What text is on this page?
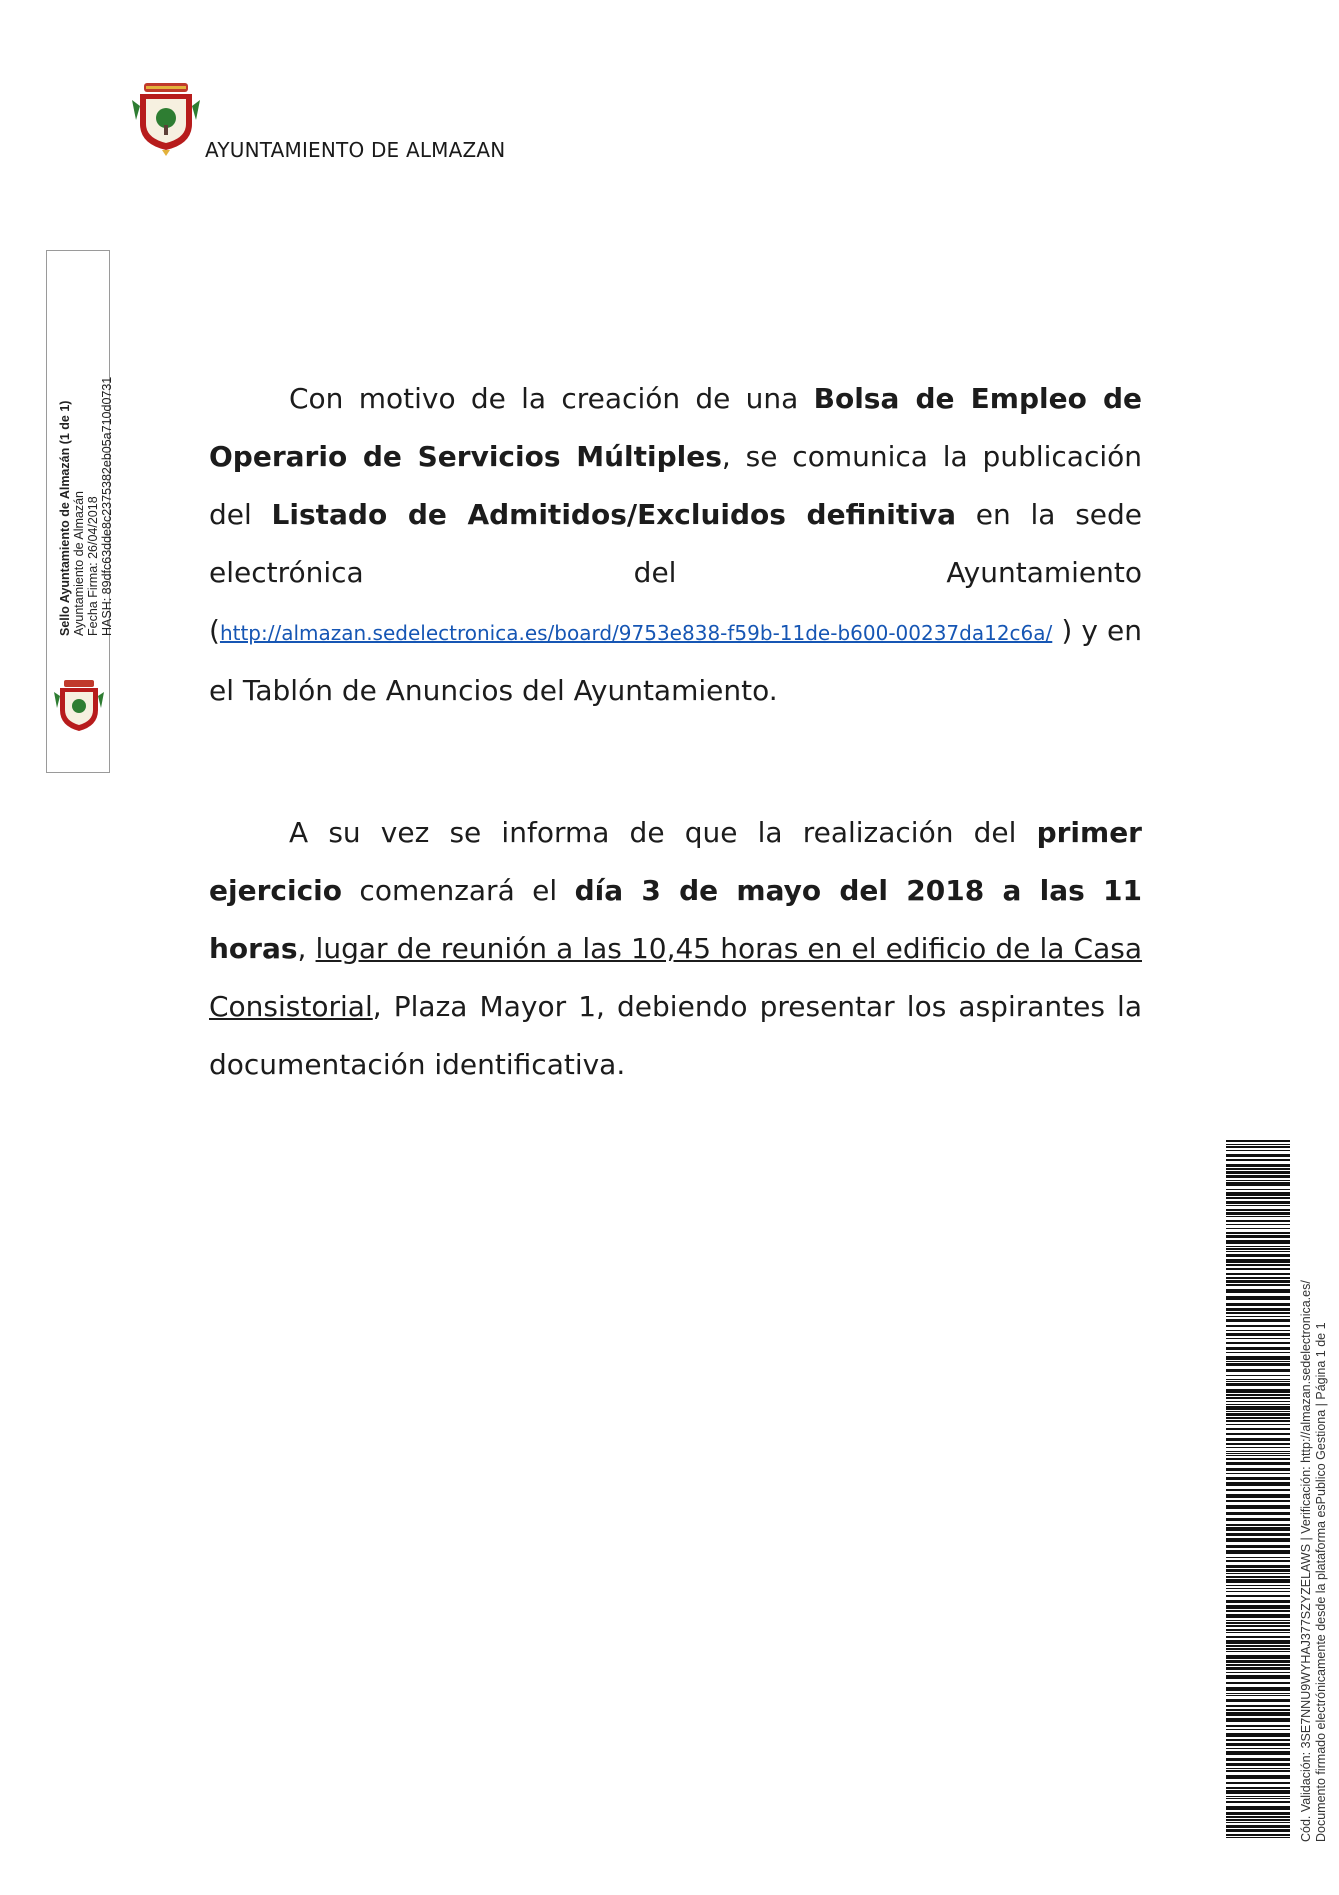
AYUNTAMIENTO DE ALMAZAN
Sello Ayuntamiento de Almazán (1 de 1) Ayuntamiento de Almazán Fecha Firma: 26/04/2018 HASH: 89dfc63dde8c2375382eb05a710d0731	Con motivo de la creación de una Bolsa de Empleo de Operario de Servicios Múltiples, se comunica la publicación del Listado de Admitidos/Excluidos definitiva en la sede electrónica del Ayuntamiento (http://almazan.sedelectronica.es/board/9753e838-f59b-11de-b600-00237da12c6a/ ) y en el Tablón de Anuncios del Ayuntamiento.

A su vez se informa de que la realización del primer ejercicio comenzará el día 3 de mayo del 2018 a las 11 horas, lugar de reunión a las 10,45 horas en el edificio de la Casa Consistorial, Plaza Mayor 1, debiendo presentar los aspirantes la documentación identificativa.

Cód. Validación: 3SE7NNU9WYHAJ377SZYZELAWS | Verificación: http://almazan.sedelectronica.es/ Documento firmado electrónicamente desde la plataforma esPublico Gestiona | Página 1 de 1
